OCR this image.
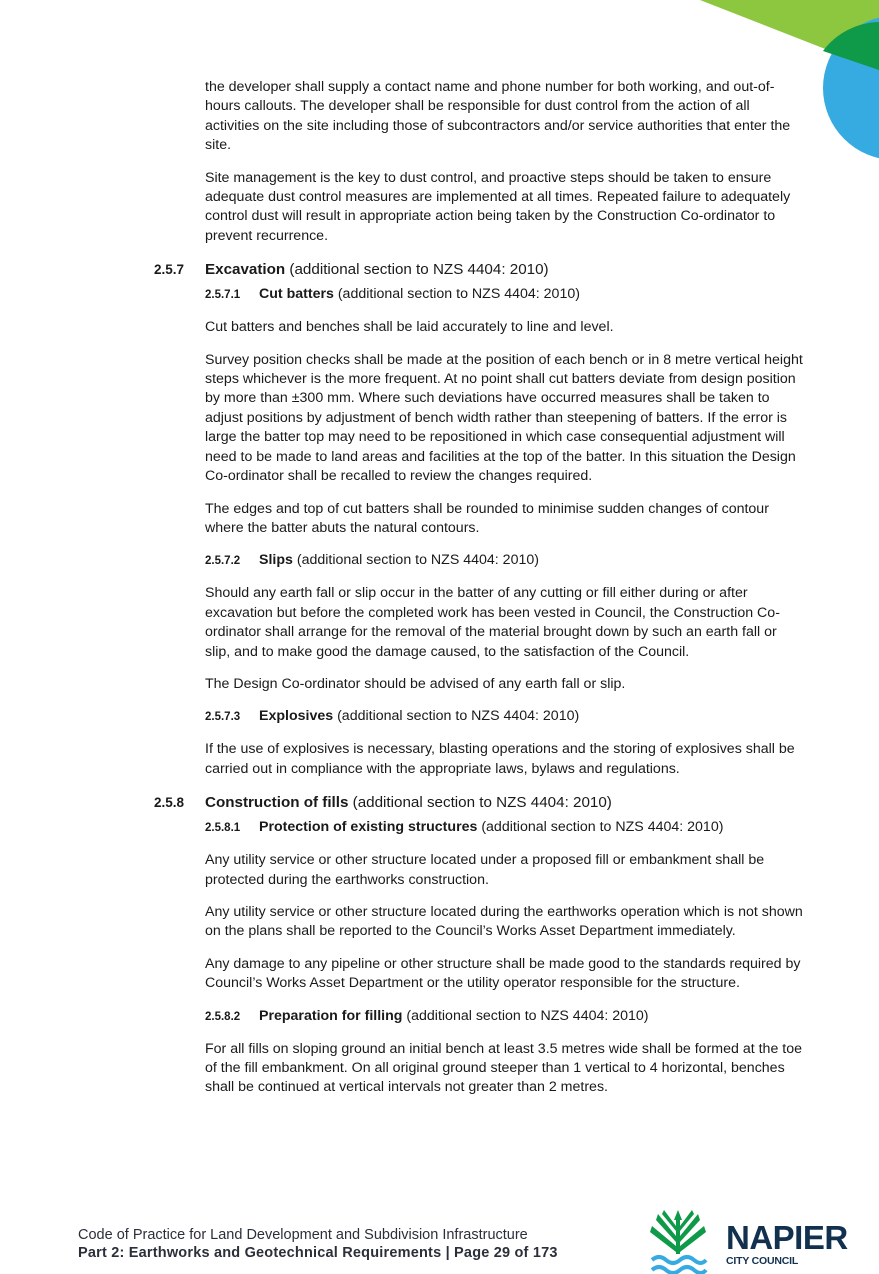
the developer shall supply a contact name and phone number for both working, and out-of-hours callouts. The developer shall be responsible for dust control from the action of all activities on the site including those of subcontractors and/or service authorities that enter the site.

Site management is the key to dust control, and proactive steps should be taken to ensure adequate dust control measures are implemented at all times. Repeated failure to adequately control dust will result in appropriate action being taken by the Construction Co-ordinator to prevent recurrence.

2.5.7 Excavation (additional section to NZS 4404: 2010)
2.5.7.1 Cut batters (additional section to NZS 4404: 2010)

Cut batters and benches shall be laid accurately to line and level.

Survey position checks shall be made at the position of each bench or in 8 metre vertical height steps whichever is the more frequent. At no point shall cut batters deviate from design position by more than ±300 mm. Where such deviations have occurred measures shall be taken to adjust positions by adjustment of bench width rather than steepening of batters. If the error is large the batter top may need to be repositioned in which case consequential adjustment will need to be made to land areas and facilities at the top of the batter. In this situation the Design Co-ordinator shall be recalled to review the changes required.

The edges and top of cut batters shall be rounded to minimise sudden changes of contour where the batter abuts the natural contours.

2.5.7.2 Slips (additional section to NZS 4404: 2010)

Should any earth fall or slip occur in the batter of any cutting or fill either during or after excavation but before the completed work has been vested in Council, the Construction Co-ordinator shall arrange for the removal of the material brought down by such an earth fall or slip, and to make good the damage caused, to the satisfaction of the Council.

The Design Co-ordinator should be advised of any earth fall or slip.

2.5.7.3 Explosives (additional section to NZS 4404: 2010)

If the use of explosives is necessary, blasting operations and the storing of explosives shall be carried out in compliance with the appropriate laws, bylaws and regulations.

2.5.8 Construction of fills (additional section to NZS 4404: 2010)
2.5.8.1 Protection of existing structures (additional section to NZS 4404: 2010)

Any utility service or other structure located under a proposed fill or embankment shall be protected during the earthworks construction.

Any utility service or other structure located during the earthworks operation which is not shown on the plans shall be reported to the Council’s Works Asset Department immediately.

Any damage to any pipeline or other structure shall be made good to the standards required by Council’s Works Asset Department or the utility operator responsible for the structure.

2.5.8.2 Preparation for filling (additional section to NZS 4404: 2010)

For all fills on sloping ground an initial bench at least 3.5 metres wide shall be formed at the toe of the fill embankment. On all original ground steeper than 1 vertical to 4 horizontal, benches shall be continued at vertical intervals not greater than 2 metres.

Code of Practice for Land Development and Subdivision Infrastructure
Part 2: Earthworks and Geotechnical Requirements | Page 29 of 173	NAPIER
CITY COUNCIL
